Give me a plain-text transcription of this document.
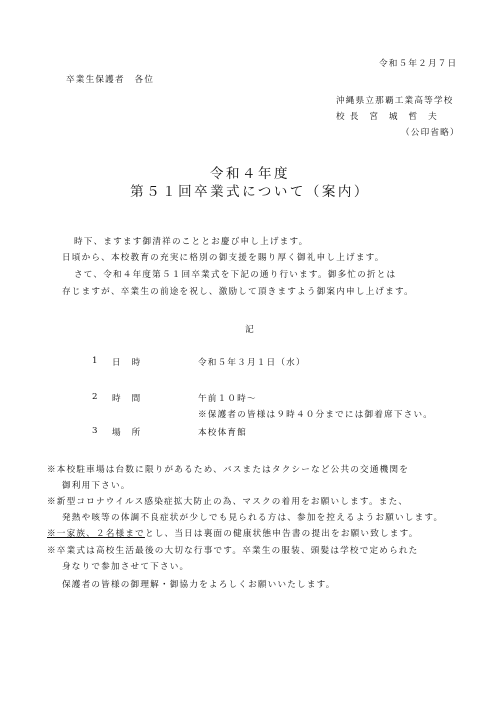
令和５年２月７日
卒業生保護者　各位
沖縄県立那覇工業高等学校
校 長　宮　城　哲　夫
（公印省略）
令和４年度
第５１回卒業式について（案内）
時下、ますます御清祥のこととお慶び申し上げます。
日頃から、本校教育の充実に格別の御支援を賜り厚く御礼申し上げます。
さて、令和４年度第５１回卒業式を下記の通り行います。御多忙の折とは
存じますが、卒業生の前途を祝し、激励して頂きますよう御案内申し上げます。
記
1 日　時	令和５年３月１日（水）
2 時　間	午前１０時～
※保護者の皆様は９時４０分までには御着席下さい。
3 場　所	本校体育館
※本校駐車場は台数に限りがあるため、バスまたはタクシーなど公共の交通機関を
御利用下さい。
※新型コロナウイルス感染症拡大防止の為、マスクの着用をお願いします。また、
発熱や咳等の体調不良症状が少しでも見られる方は、参加を控えるようお願いします。
※一家族、２名様までとし、当日は裏面の健康状態申告書の提出をお願い致します。
※卒業式は高校生活最後の大切な行事です。卒業生の服装、頭髪は学校で定められた
身なりで参加させて下さい。
保護者の皆様の御理解・御協力をよろしくお願いいたします。
